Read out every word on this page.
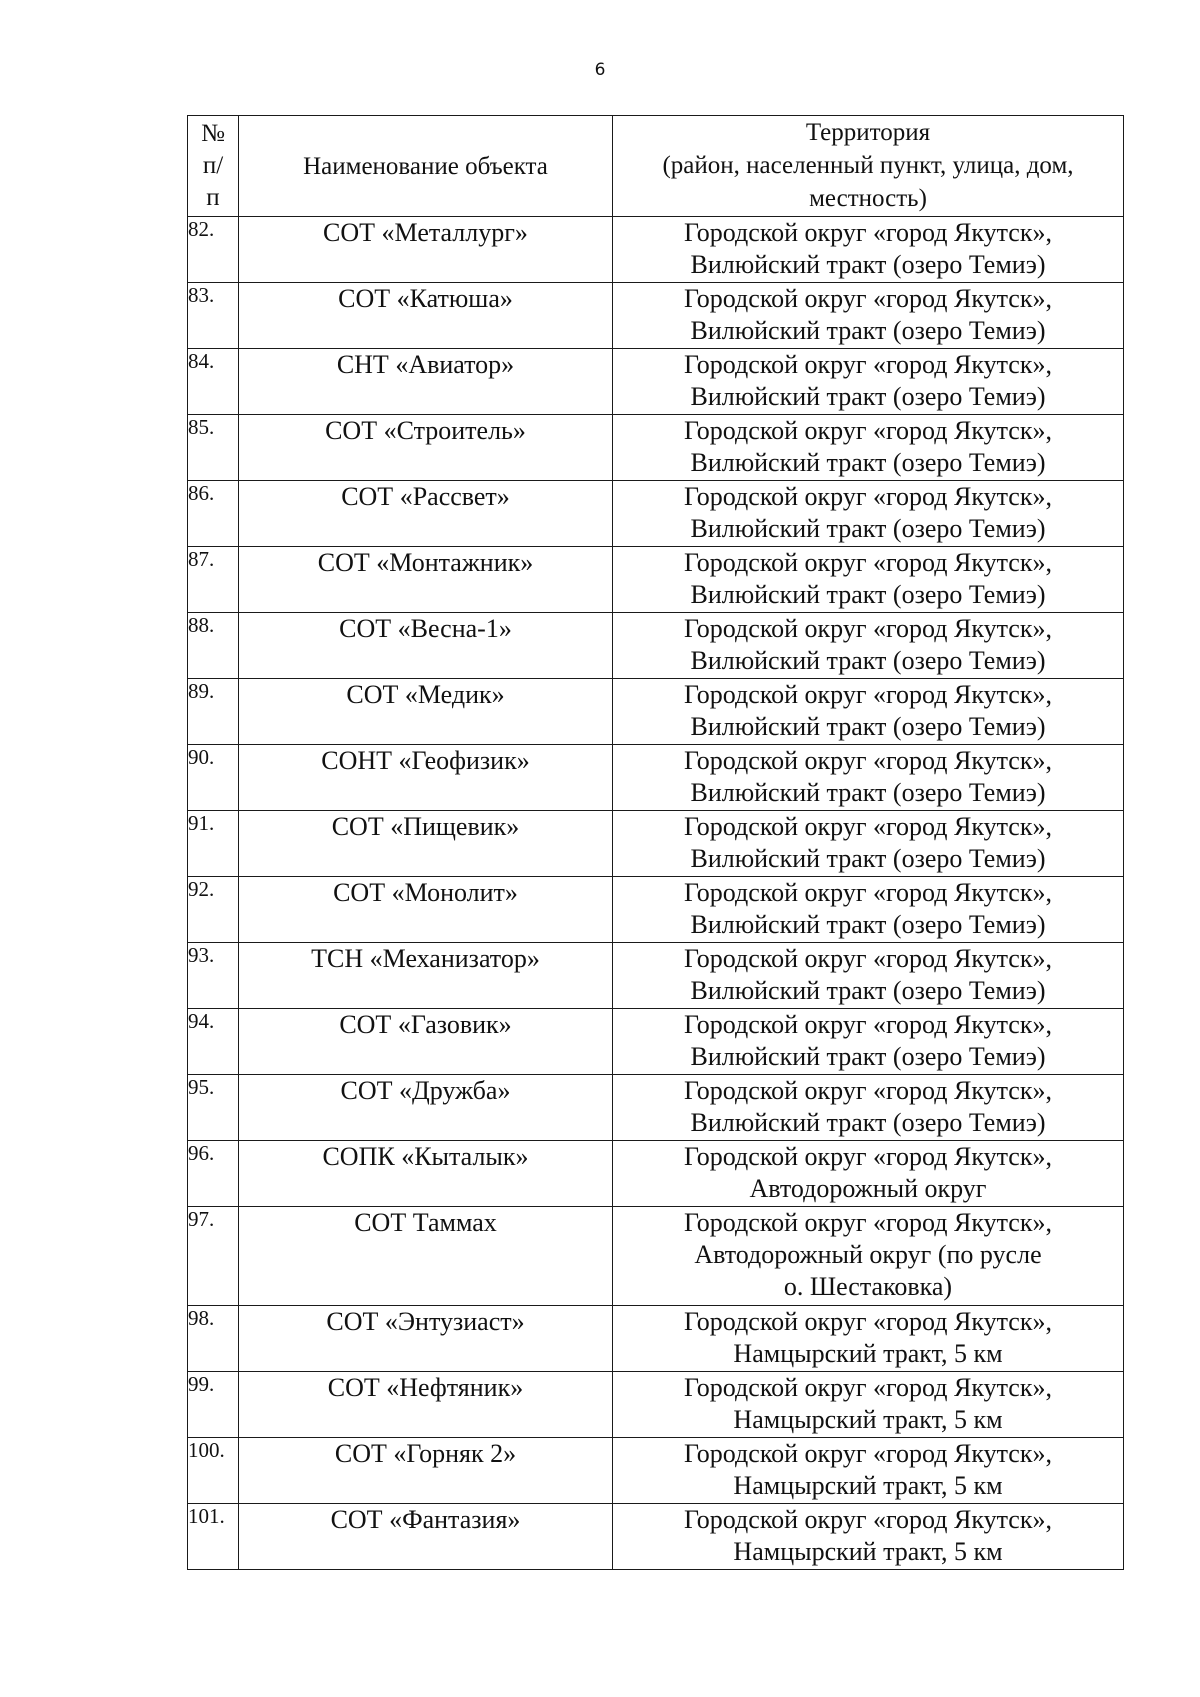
6
№
п/
п	Наименование объекта	Территория
(район, населенный пункт, улица, дом,
местность)

82.	СОТ «Металлург»	Городской округ «город Якутск»,
Вилюйский тракт (озеро Темиэ)

83.	СОТ «Катюша»	Городской округ «город Якутск»,
Вилюйский тракт (озеро Темиэ)

84.	СНТ «Авиатор»	Городской округ «город Якутск»,
Вилюйский тракт (озеро Темиэ)

85.	СОТ «Строитель»	Городской округ «город Якутск»,
Вилюйский тракт (озеро Темиэ)

86.	СОТ «Рассвет»	Городской округ «город Якутск»,
Вилюйский тракт (озеро Темиэ)

87.	СОТ «Монтажник»	Городской округ «город Якутск»,
Вилюйский тракт (озеро Темиэ)

88.	СОТ «Весна-1»	Городской округ «город Якутск»,
Вилюйский тракт (озеро Темиэ)

89.	СОТ «Медик»	Городской округ «город Якутск»,
Вилюйский тракт (озеро Темиэ)

90.	СОНТ «Геофизик»	Городской округ «город Якутск»,
Вилюйский тракт (озеро Темиэ)

91.	СОТ «Пищевик»	Городской округ «город Якутск»,
Вилюйский тракт (озеро Темиэ)

92.	СОТ «Монолит»	Городской округ «город Якутск»,
Вилюйский тракт (озеро Темиэ)

93.	ТСН «Механизатор»	Городской округ «город Якутск»,
Вилюйский тракт (озеро Темиэ)

94.	СОТ «Газовик»	Городской округ «город Якутск»,
Вилюйский тракт (озеро Темиэ)

95.	СОТ «Дружба»	Городской округ «город Якутск»,
Вилюйский тракт (озеро Темиэ)

96.	СОПК «Кыталык»	Городской округ «город Якутск»,
Автодорожный округ

97.	СОТ Таммах	Городской округ «город Якутск»,
Автодорожный округ (по русле
о. Шестаковка)

98.	СОТ «Энтузиаст»	Городской округ «город Якутск»,
Намцырский тракт, 5 км

99.	СОТ «Нефтяник»	Городской округ «город Якутск»,
Намцырский тракт, 5 км

100.	СОТ «Горняк 2»	Городской округ «город Якутск»,
Намцырский тракт, 5 км

101.	СОТ «Фантазия»	Городской округ «город Якутск»,
Намцырский тракт, 5 км
